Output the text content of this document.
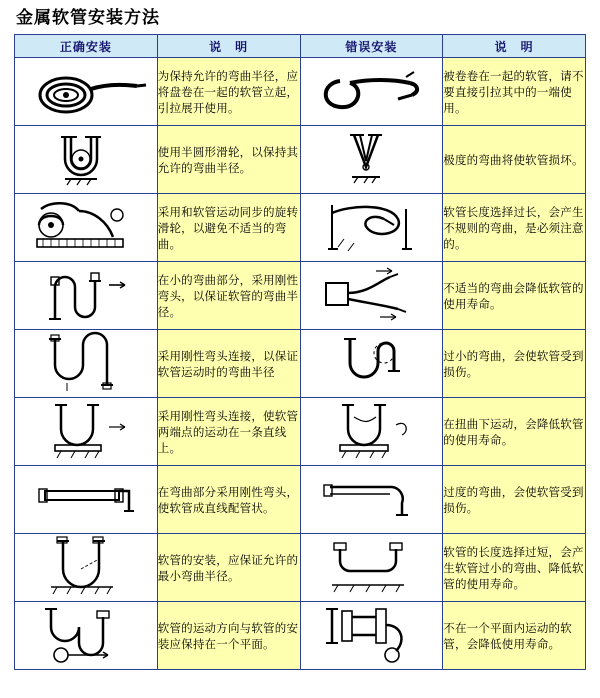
金属软管安装方法
正确安装	说　明	错误安装	说　明

	为保持允许的弯曲半径，应将盘卷在一起的软管立起，引拉展开使用。		被卷卷在一起的软管，请不要直接引拉其中的一端使用。

	使用半圆形滑轮，以保持其允许的弯曲半径。		极度的弯曲将使软管损坏。

	采用和软管运动同步的旋转滑轮，以避免不适当的弯曲。		软管长度选择过长，会产生不规则的弯曲，是必须注意的。

	在小的弯曲部分，采用刚性弯头，以保证软管的弯曲半径。		不适当的弯曲会降低软管的使用寿命。

	采用刚性弯头连接，以保证软管运动时的弯曲半径		过小的弯曲，会使软管受到损伤。

	采用刚性弯头连接，使软管两端点的运动在一条直线上。		在扭曲下运动，会降低软管的使用寿命。

	在弯曲部分采用刚性弯头，使软管成直线配管状。		过度的弯曲，会使软管受到损伤。

	软管的安装，应保证允许的最小弯曲半径。		软管的长度选择过短，会产生软管过小的弯曲、降低软管的使用寿命。

	软管的运动方向与软管的安装应保持在一个平面。		不在一个平面内运动的软管，会降低使用寿命。
